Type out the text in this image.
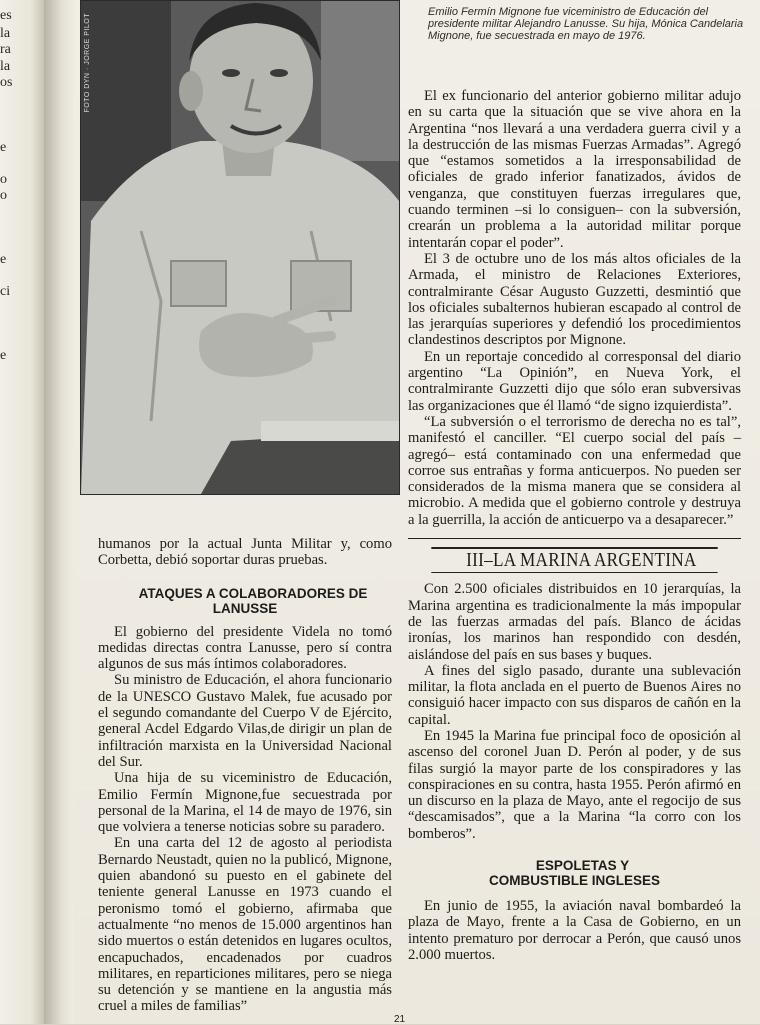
es
la
ra
la
os
e
o
o
e
ci
e
FOTO DYN · JORGE PILOT
Emilio Fermín Mignone fue viceministro de Educación del presidente militar Alejandro Lanusse. Su hija, Mónica Candelaria Mignone, fue secuestrada en mayo de 1976.

humanos por la actual Junta Militar y, como Corbetta, debió soportar duras pruebas.

ATAQUES A COLABORADORES DE LANUSSE

El gobierno del presidente Videla no tomó medidas directas contra Lanusse, pero sí contra algunos de sus más íntimos colaboradores.

Su ministro de Educación, el ahora funcionario de la UNESCO Gustavo Malek, fue acusado por el segundo comandante del Cuerpo V de Ejército, general Acdel Edgardo Vilas,de dirigir un plan de infiltración marxista en la Universidad Nacional del Sur.

Una hija de su viceministro de Educación, Emilio Fermín Mignone,fue secuestrada por personal de la Marina, el 14 de mayo de 1976, sin que volviera a tenerse noticias sobre su paradero.

En una carta del 12 de agosto al periodista Bernardo Neustadt, quien no la publicó, Mignone, quien abandonó su puesto en el gabinete del teniente general Lanusse en 1973 cuando el peronismo tomó el gobierno, afirmaba que actualmente “no menos de 15.000 argentinos han sido muertos o están detenidos en lugares ocultos, encapuchados, encadenados por cuadros militares, en reparticiones militares, pero se niega su detención y se mantiene en la angustia más cruel a miles de familias”

El ex funcionario del anterior gobierno militar adujo en su carta que la situación que se vive ahora en la Argentina “nos llevará a una verdadera guerra civil y a la destrucción de las mismas Fuerzas Armadas”. Agregó que “estamos sometidos a la irresponsabilidad de oficiales de grado inferior fanatizados, ávidos de venganza, que constituyen fuerzas irregulares que, cuando terminen –si lo consiguen– con la subversión, crearán un problema a la autoridad militar porque intentarán copar el poder”.

El 3 de octubre uno de los más altos oficiales de la Armada, el ministro de Relaciones Exteriores, contralmirante César Augusto Guzzetti, desmintió que los oficiales subalternos hubieran escapado al control de las jerarquías superiores y defendió los procedimientos clandestinos descriptos por Mignone.

En un reportaje concedido al corresponsal del diario argentino “La Opinión”, en Nueva York, el contralmirante Guzzetti dijo que sólo eran subversivas las organizaciones que él llamó “de signo izquierdista”.

“La subversión o el terrorismo de derecha no es tal”, manifestó el canciller. “El cuerpo social del país –agregó– está contaminado con una enfermedad que corroe sus entrañas y forma anticuerpos. No pueden ser considerados de la misma manera que se considera al microbio. A medida que el gobierno controle y destruya a la guerrilla, la acción de anticuerpo va a desaparecer.”

III–LA MARINA ARGENTINA

Con 2.500 oficiales distribuidos en 10 jerarquías, la Marina argentina es tradicionalmente la más impopular de las fuerzas armadas del país. Blanco de ácidas ironías, los marinos han respondido con desdén, aislándose del país en sus bases y buques.

A fines del siglo pasado, durante una sublevación militar, la flota anclada en el puerto de Buenos Aires no consiguió hacer impacto con sus disparos de cañón en la capital.

En 1945 la Marina fue principal foco de oposición al ascenso del coronel Juan D. Perón al poder, y de sus filas surgió la mayor parte de los conspiradores y las conspiraciones en su contra, hasta 1955. Perón afirmó en un discurso en la plaza de Mayo, ante el regocijo de sus “descamisados”, que a la Marina “la corro con los bomberos”.

ESPOLETAS Y COMBUSTIBLE INGLESES

En junio de 1955, la aviación naval bombardeó la plaza de Mayo, frente a la Casa de Gobierno, en un intento prematuro por derrocar a Perón, que causó unos 2.000 muertos.

21
